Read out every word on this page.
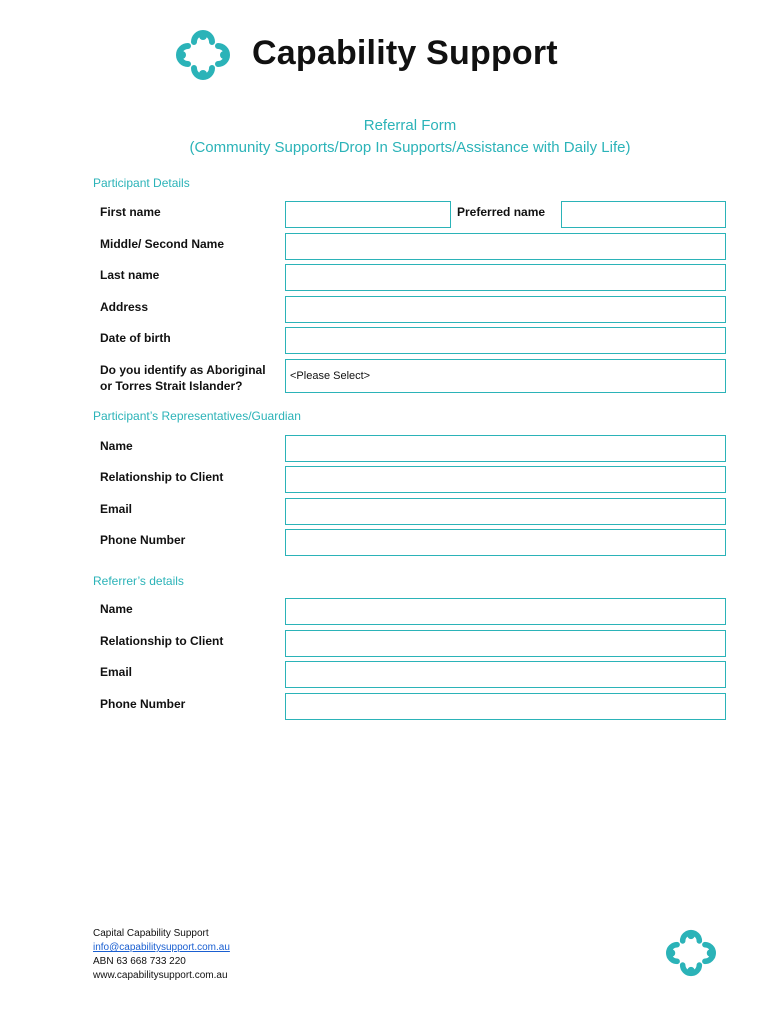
Capability Support
Referral Form
(Community Supports/Drop In Supports/Assistance with Daily Life)
Participant Details
First name	Preferred name
Middle/ Second Name
Last name
Address
Date of birth
Do you identify as Aboriginal
or Torres Strait Islander?
<Please Select>
Participant’s Representatives/Guardian
Name
Relationship to Client
Email
Phone Number
Referrer’s details
Name
Relationship to Client
Email
Phone Number
Capital Capability Support
info@capabilitysupport.com.au
ABN 63 668 733 220
www.capabilitysupport.com.au
